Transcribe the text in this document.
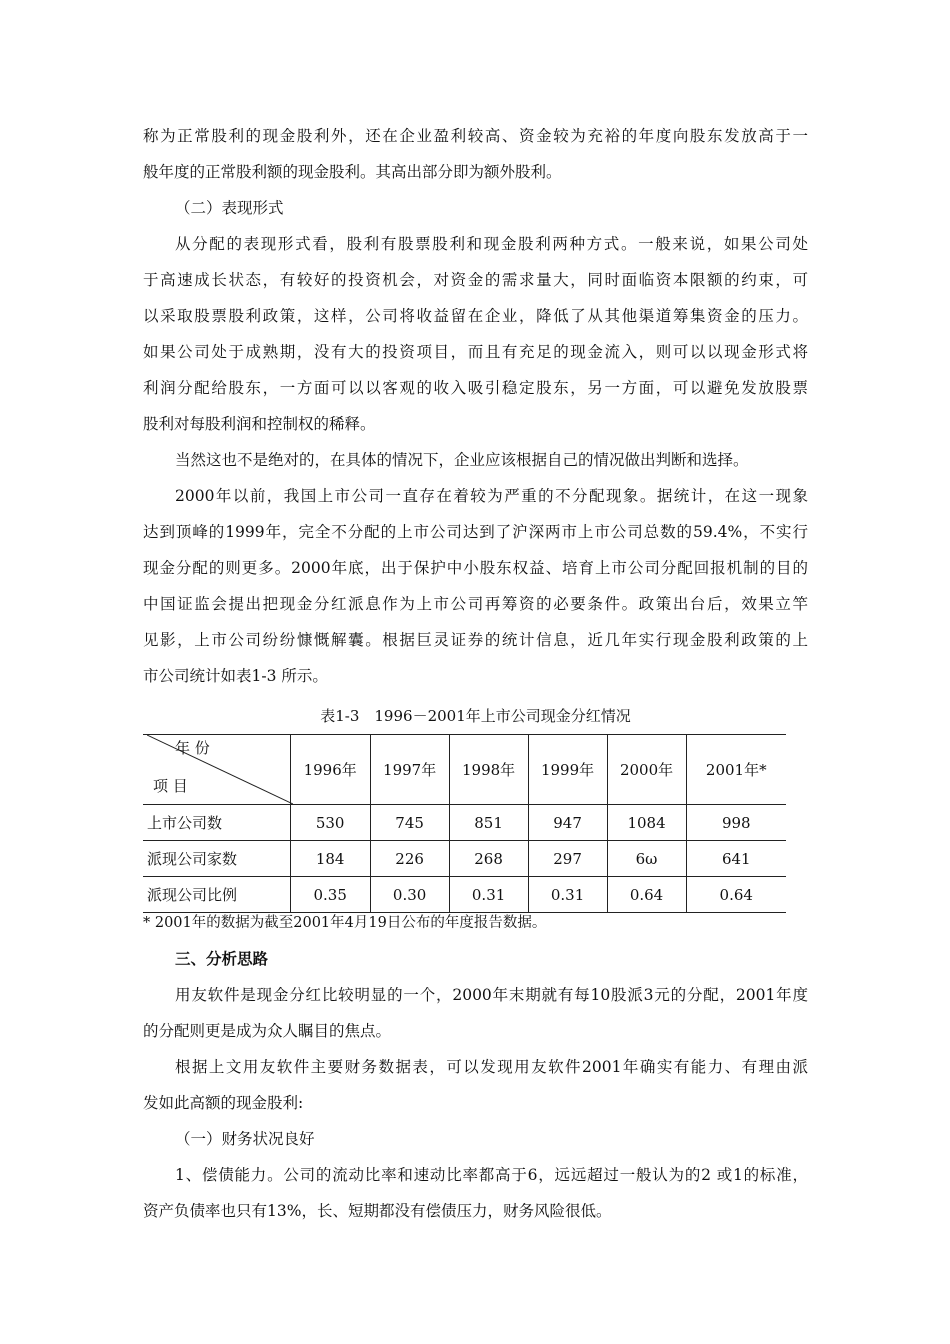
称为正常股利的现金股利外，还在企业盈利较高、资金较为充裕的年度向股东发放高于一
般年度的正常股利额的现金股利。其高出部分即为额外股利。
（二）表现形式
从分配的表现形式看，股利有股票股利和现金股利两种方式。一般来说，如果公司处
于高速成长状态，有较好的投资机会，对资金的需求量大，同时面临资本限额的约束，可
以采取股票股利政策，这样，公司将收益留在企业，降低了从其他渠道筹集资金的压力。
如果公司处于成熟期，没有大的投资项目，而且有充足的现金流入，则可以以现金形式将
利润分配给股东，一方面可以以客观的收入吸引稳定股东，另一方面，可以避免发放股票
股利对每股利润和控制权的稀释。
当然这也不是绝对的，在具体的情况下，企业应该根据自己的情况做出判断和选择。
2000年以前，我国上市公司一直存在着较为严重的不分配现象。据统计，在这一现象
达到顶峰的1999年，完全不分配的上市公司达到了沪深两市上市公司总数的59.4%，不实行
现金分配的则更多。2000年底，出于保护中小股东权益、培育上市公司分配回报机制的目的
中国证监会提出把现金分红派息作为上市公司再筹资的必要条件。政策出台后，效果立竿
见影，上市公司纷纷慷慨解囊。根据巨灵证券的统计信息，近几年实行现金股利政策的上
市公司统计如表1-3 所示。
表1-3　1996－2001年上市公司现金分红情况
年 份
项 目	1996年	1997年	1998年	1999年	2000年	2001年*
上市公司数	530	745	851	947	1084	998
派现公司家数	184	226	268	297	6ω	641
派现公司比例	0.35	0.30	0.31	0.31	0.64	0.64
* 2001年的数据为截至2001年4月19日公布的年度报告数据。
三、分析思路
用友软件是现金分红比较明显的一个，2000年末期就有每10股派3元的分配，2001年度
的分配则更是成为众人瞩目的焦点。
根据上文用友软件主要财务数据表，可以发现用友软件2001年确实有能力、有理由派
发如此高额的现金股利:
（一）财务状况良好
1、偿债能力。公司的流动比率和速动比率都高于6，远远超过一般认为的2 或1的标准，
资产负债率也只有13%，长、短期都没有偿债压力，财务风险很低。
